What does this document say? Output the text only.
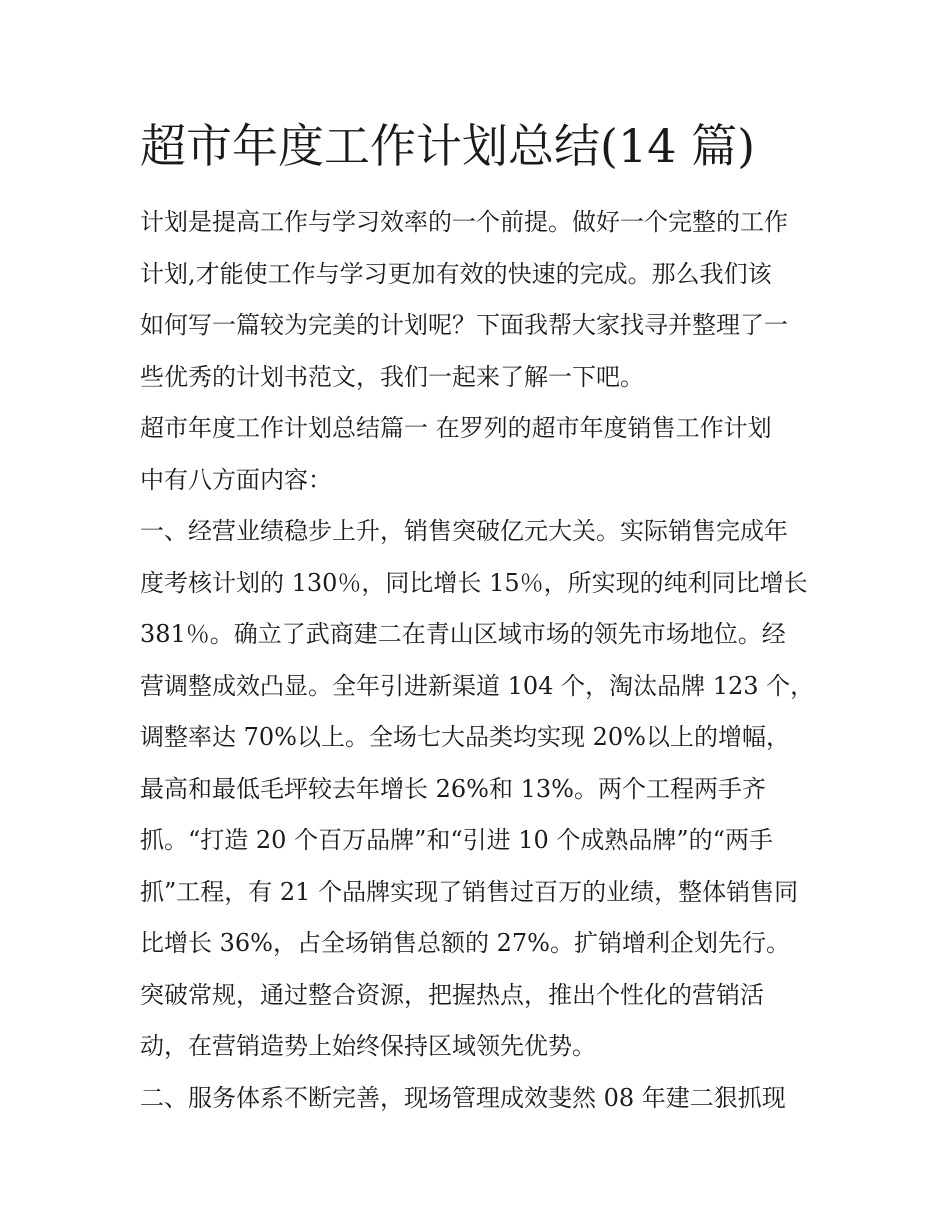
超市年度工作计划总结(14 篇)
计划是提高工作与学习效率的一个前提。做好一个完整的工作
计划,才能使工作与学习更加有效的快速的完成。那么我们该
如何写一篇较为完美的计划呢？下面我帮大家找寻并整理了一
些优秀的计划书范文，我们一起来了解一下吧。
超市年度工作计划总结篇一 在罗列的超市年度销售工作计划
中有八方面内容：
一、经营业绩稳步上升，销售突破亿元大关。实际销售完成年
度考核计划的 130％，同比增长 15％，所实现的纯利同比增长
381％。确立了武商建二在青山区域市场的领先市场地位。经
营调整成效凸显。全年引进新渠道 104 个，淘汰品牌 123 个，
调整率达 70%以上。全场七大品类均实现 20%以上的增幅，
最高和最低毛坪较去年增长 26%和 13%。两个工程两手齐
抓。“打造 20 个百万品牌”和“引进 10 个成熟品牌”的“两手
抓”工程，有 21 个品牌实现了销售过百万的业绩，整体销售同
比增长 36%，占全场销售总额的 27%。扩销增利企划先行。
突破常规，通过整合资源，把握热点，推出个性化的营销活
动，在营销造势上始终保持区域领先优势。
二、服务体系不断完善，现场管理成效斐然 08 年建二狠抓现
